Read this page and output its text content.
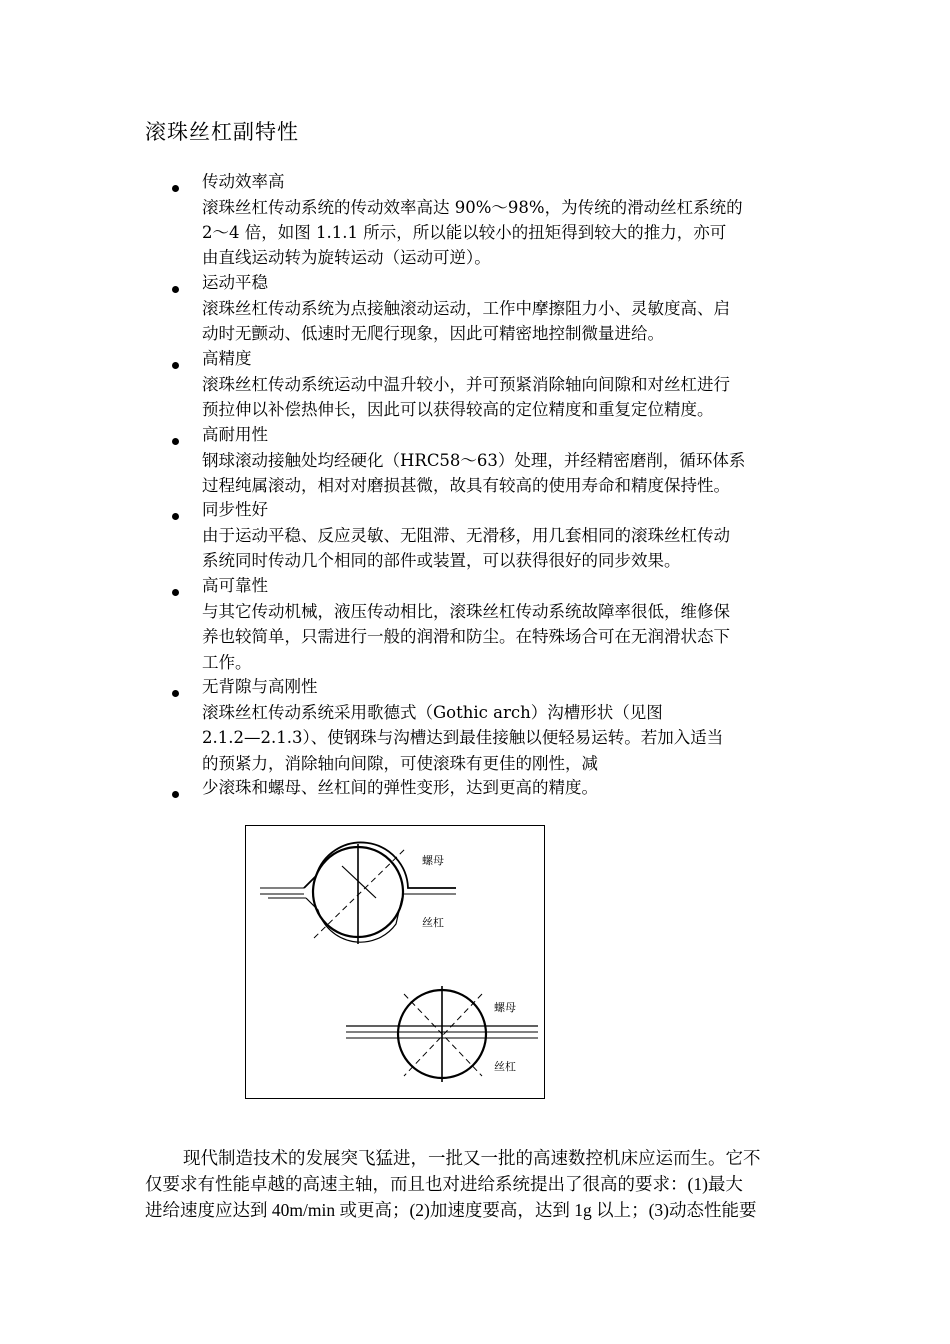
滚珠丝杠副特性
传动效率高
滚珠丝杠传动系统的传动效率高达 90%～98%，为传统的滑动丝杠系统的
2～4 倍，如图 1.1.1 所示，所以能以较小的扭矩得到较大的推力，亦可
由直线运动转为旋转运动（运动可逆）。
运动平稳
滚珠丝杠传动系统为点接触滚动运动，工作中摩擦阻力小、灵敏度高、启
动时无颤动、低速时无爬行现象，因此可精密地控制微量进给。
高精度
滚珠丝杠传动系统运动中温升较小，并可预紧消除轴向间隙和对丝杠进行
预拉伸以补偿热伸长，因此可以获得较高的定位精度和重复定位精度。
高耐用性
钢球滚动接触处均经硬化（HRC58～63）处理，并经精密磨削，循环体系
过程纯属滚动，相对对磨损甚微，故具有较高的使用寿命和精度保持性。
同步性好
由于运动平稳、反应灵敏、无阻滞、无滑移，用几套相同的滚珠丝杠传动
系统同时传动几个相同的部件或装置，可以获得很好的同步效果。
高可靠性
与其它传动机械，液压传动相比，滚珠丝杠传动系统故障率很低，维修保
养也较简单，只需进行一般的润滑和防尘。在特殊场合可在无润滑状态下
工作。
无背隙与高刚性
滚珠丝杠传动系统采用歌德式（Gothic arch）沟槽形状（见图
2.1.2—2.1.3）、使钢珠与沟槽达到最佳接触以便轻易运转。若加入适当
的预紧力，消除轴向间隙，可使滚珠有更佳的刚性，减
少滚珠和螺母、丝杠间的弹性变形，达到更高的精度。
螺母
丝杠
螺母
丝杠
现代制造技术的发展突飞猛进，一批又一批的高速数控机床应运而生。它不
仅要求有性能卓越的高速主轴，而且也对进给系统提出了很高的要求：(1)最大
进给速度应达到 40m/min 或更高；(2)加速度要高，达到 1g 以上；(3)动态性能要
